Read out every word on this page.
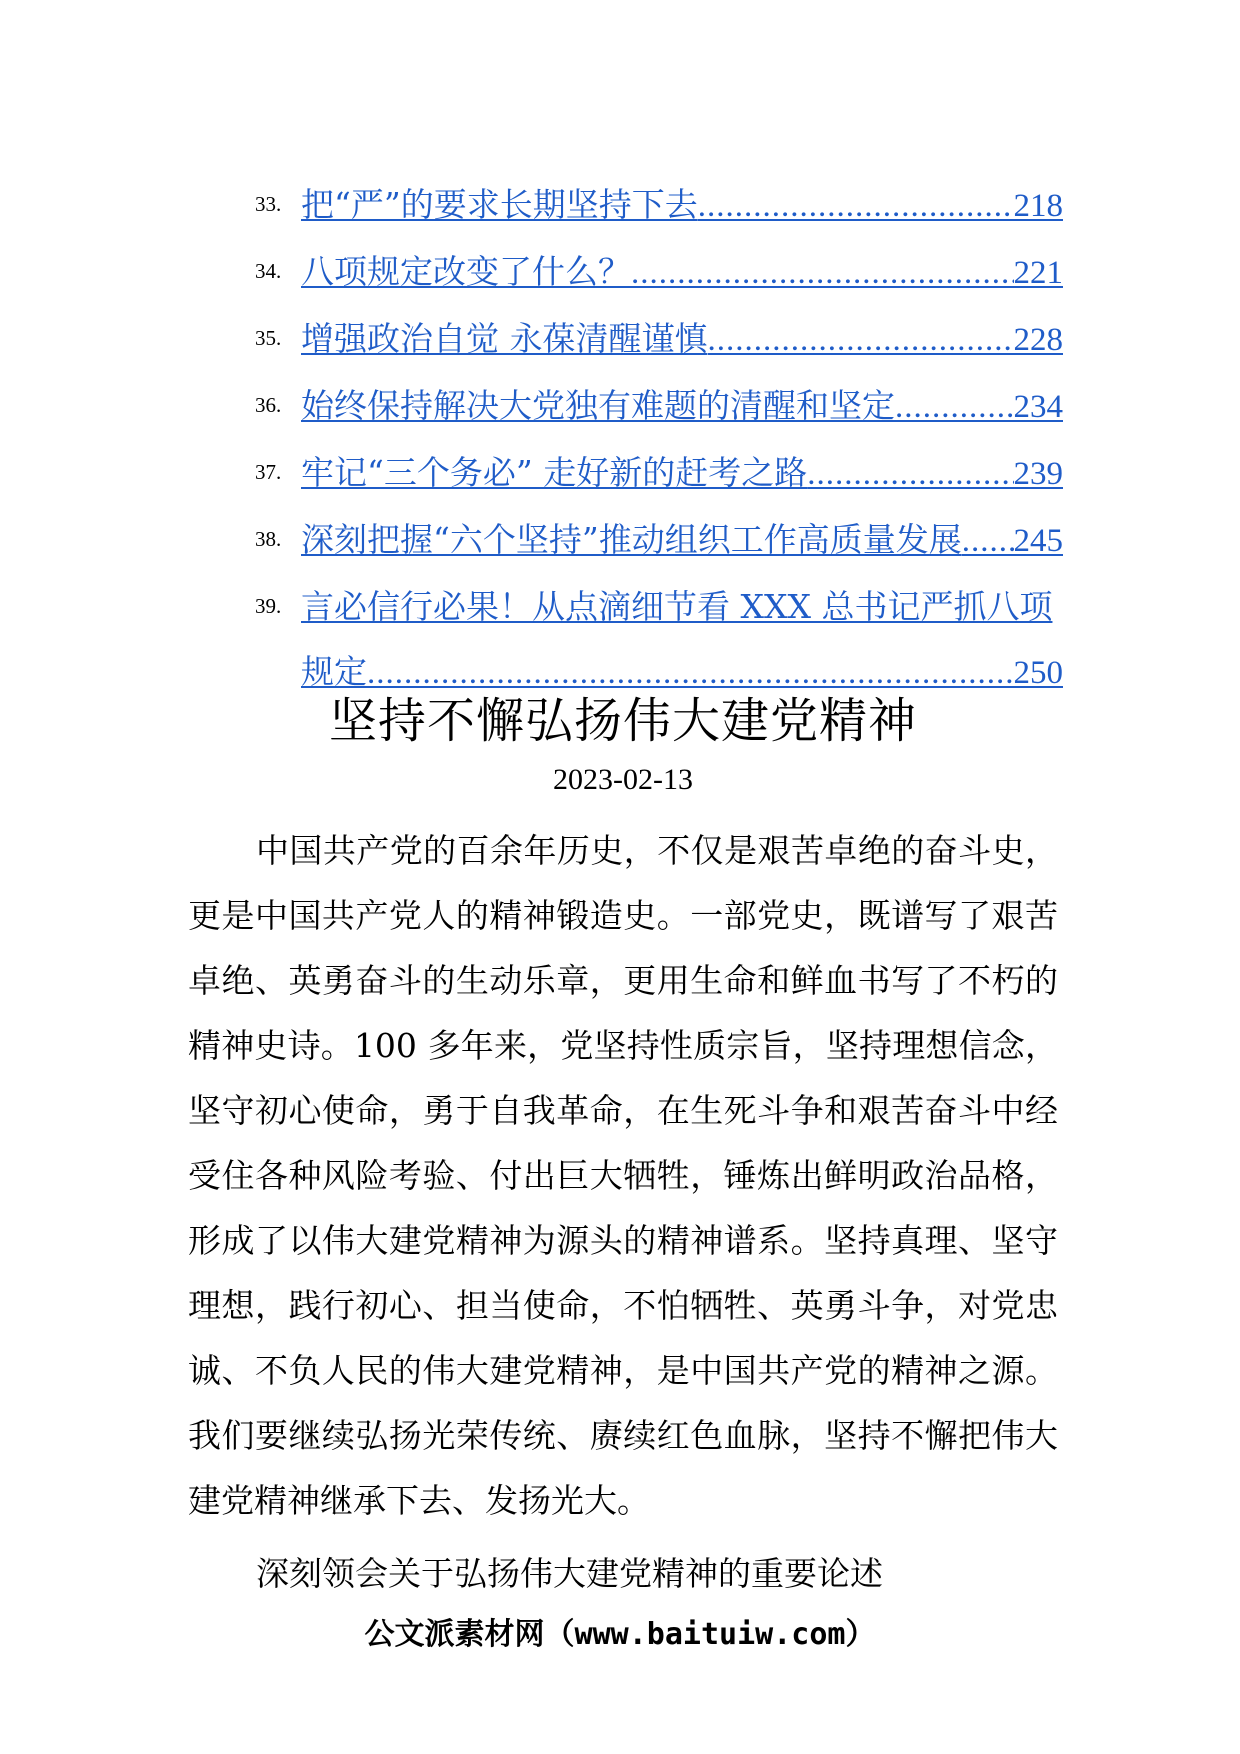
33. 把“严”的要求长期坚持下去 .....	218
34. 八项规定改变了什么？ .....	221
35. 增强政治自觉 永葆清醒谨慎 .....	228
36. 始终保持解决大党独有难题的清醒和坚定 .....	234
37. 牢记“三个务必” 走好新的赶考之路 .....	239
38. 深刻把握“六个坚持”推动组织工作高质量发展 ..... 245
39. 言必信行必果！从点滴细节看 XXX 总书记严抓八项
规定 .....	250
坚持不懈弘扬伟大建党精神
2023-02-13

中国共产党的百余年历史，不仅是艰苦卓绝的奋斗史，更是中国共产党人的精神锻造史。一部党史，既谱写了艰苦卓绝、英勇奋斗的生动乐章，更用生命和鲜血书写了不朽的精神史诗。100 多年来，党坚持性质宗旨，坚持理想信念，坚守初心使命，勇于自我革命，在生死斗争和艰苦奋斗中经受住各种风险考验、付出巨大牺牲，锤炼出鲜明政治品格，形成了以伟大建党精神为源头的精神谱系。坚持真理、坚守理想，践行初心、担当使命，不怕牺牲、英勇斗争，对党忠诚、不负人民的伟大建党精神，是中国共产党的精神之源。我们要继续弘扬光荣传统、赓续红色血脉，坚持不懈把伟大建党精神继承下去、发扬光大。

深刻领会关于弘扬伟大建党精神的重要论述

公文派素材网（www.baituiw.com）
